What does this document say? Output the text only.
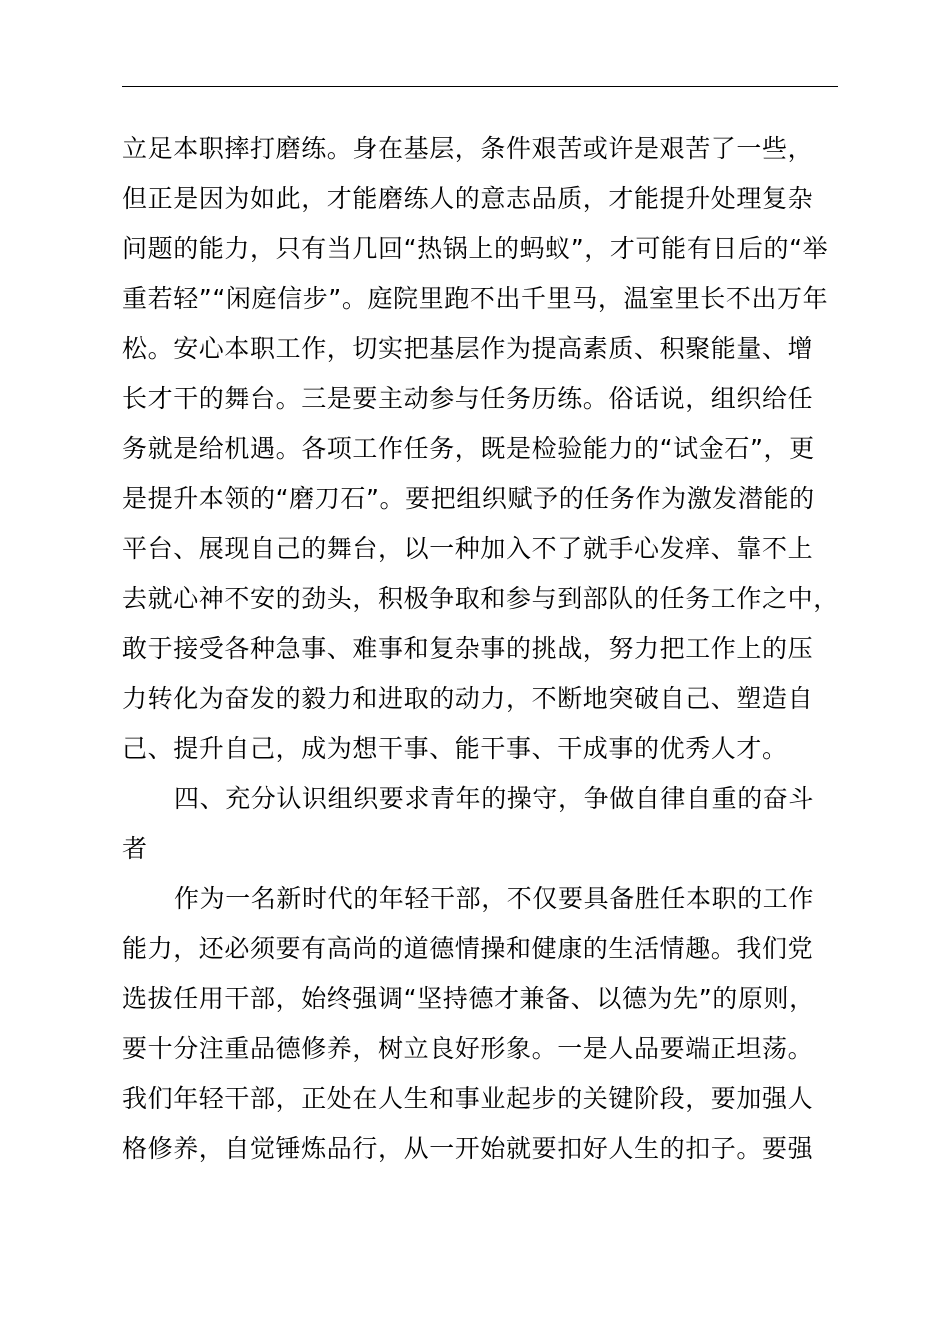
立足本职摔打磨练。身在基层，条件艰苦或许是艰苦了一些，
但正是因为如此，才能磨练人的意志品质，才能提升处理复杂
问题的能力，只有当几回“热锅上的蚂蚁”，才可能有日后的“举
重若轻”“闲庭信步”。庭院里跑不出千里马，温室里长不出万年
松。安心本职工作，切实把基层作为提高素质、积聚能量、增
长才干的舞台。三是要主动参与任务历练。俗话说，组织给任
务就是给机遇。各项工作任务，既是检验能力的“试金石”，更
是提升本领的“磨刀石”。要把组织赋予的任务作为激发潜能的
平台、展现自己的舞台，以一种加入不了就手心发痒、靠不上
去就心神不安的劲头，积极争取和参与到部队的任务工作之中，
敢于接受各种急事、难事和复杂事的挑战，努力把工作上的压
力转化为奋发的毅力和进取的动力，不断地突破自己、塑造自
己、提升自己，成为想干事、能干事、干成事的优秀人才。
四、充分认识组织要求青年的操守，争做自律自重的奋斗
者
作为一名新时代的年轻干部，不仅要具备胜任本职的工作
能力，还必须要有高尚的道德情操和健康的生活情趣。我们党
选拔任用干部，始终强调“坚持德才兼备、以德为先”的原则，
要十分注重品德修养，树立良好形象。一是人品要端正坦荡。
我们年轻干部，正处在人生和事业起步的关键阶段，要加强人
格修养，自觉锤炼品行，从一开始就要扣好人生的扣子。要强
